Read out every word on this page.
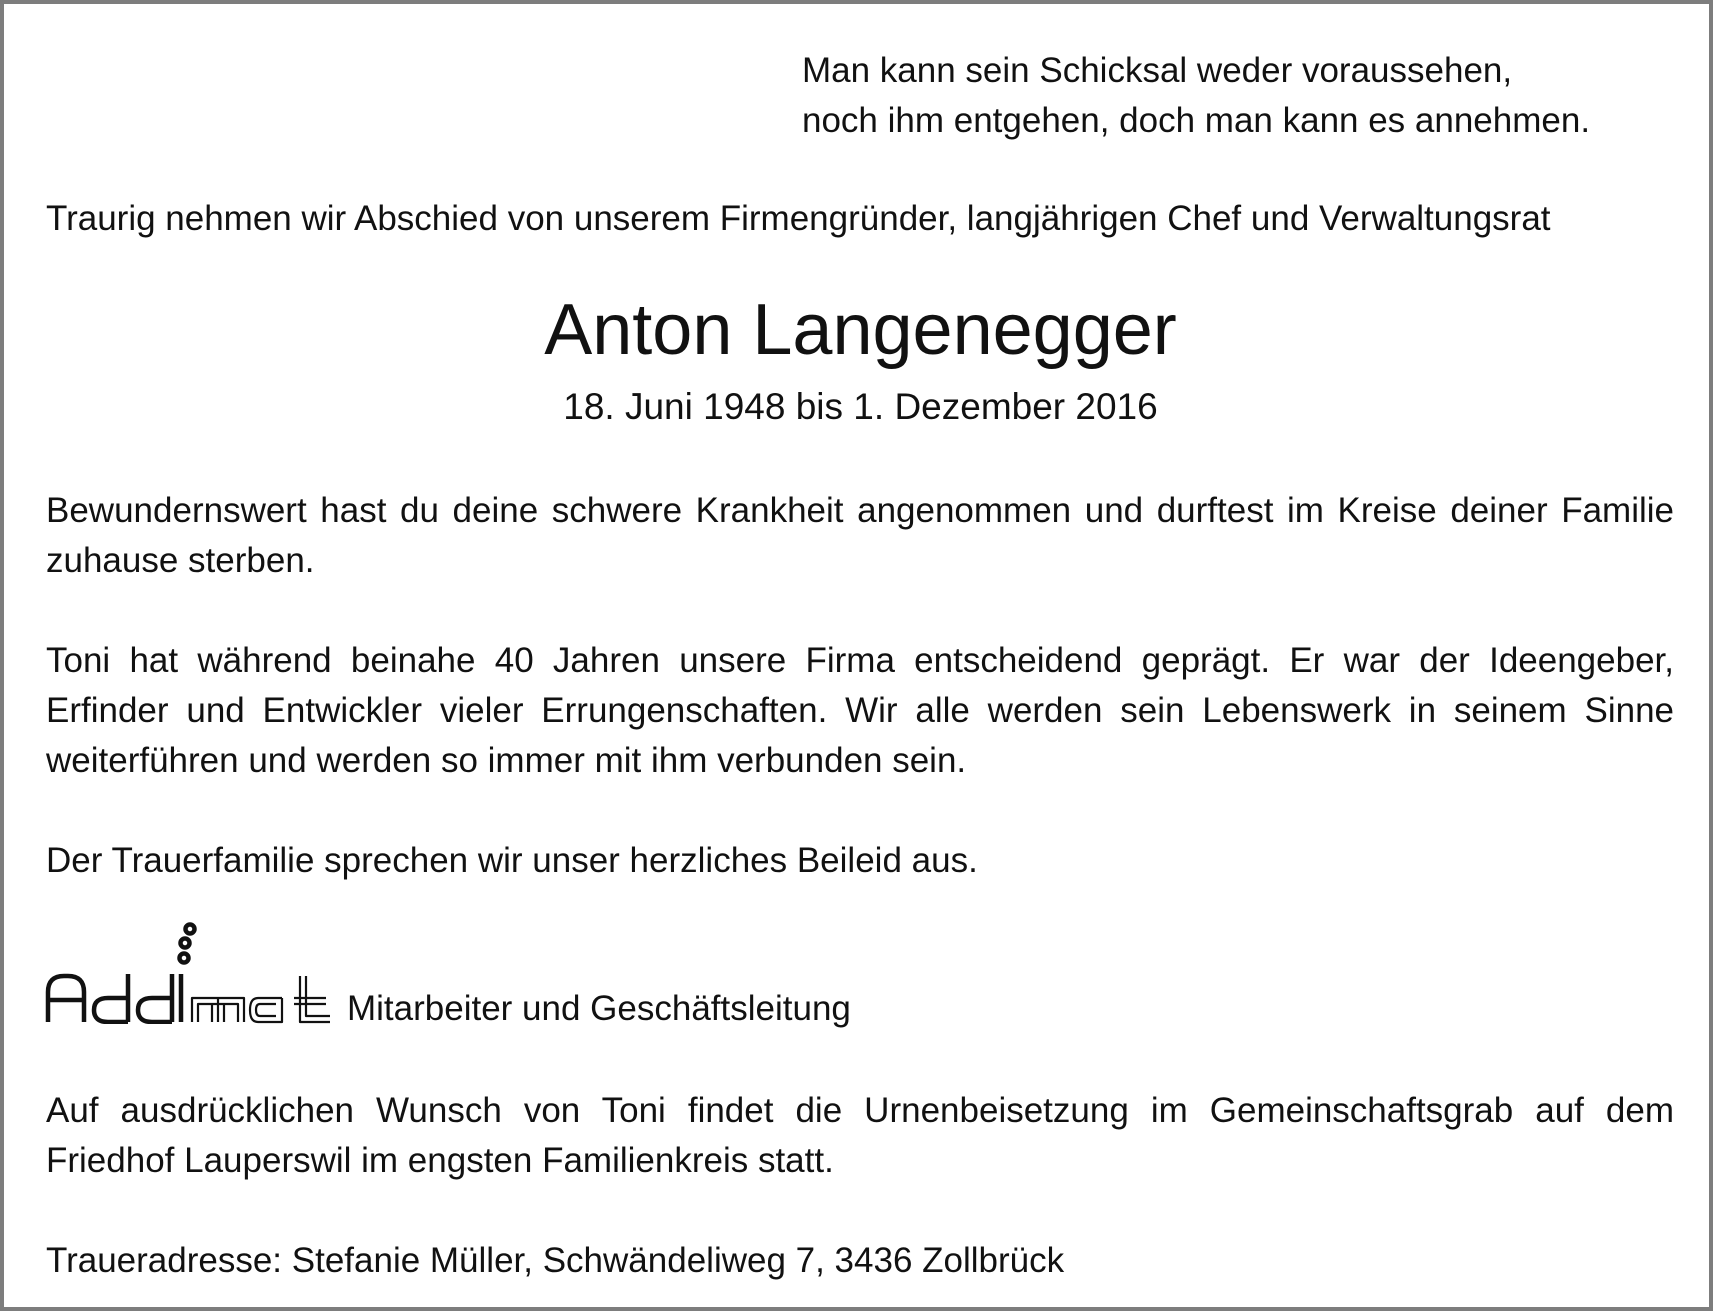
Man kann sein Schicksal weder voraussehen,
noch ihm entgehen, doch man kann es annehmen.
Traurig nehmen wir Abschied von unserem Firmengründer, langjährigen Chef und Verwaltungsrat
Anton Langenegger
18. Juni 1948 bis 1. Dezember 2016
Bewundernswert hast du deine schwere Krankheit angenommen und durftest im Kreise deiner Familie zuhause sterben.
Toni hat während beinahe 40 Jahren unsere Firma entscheidend geprägt. Er war der Ideengeber, Erfinder und Entwickler vieler Errungenschaften. Wir alle werden sein Lebenswerk in seinem Sinne weiterführen und werden so immer mit ihm verbunden sein.
Der Trauerfamilie sprechen wir unser herzliches Beileid aus.
Mitarbeiter und Geschäftsleitung
Auf ausdrücklichen Wunsch von Toni findet die Urnenbeisetzung im Gemeinschaftsgrab auf dem Friedhof Lauperswil im engsten Familienkreis statt.
Traueradresse: Stefanie Müller, Schwändeliweg 7, 3436 Zollbrück
